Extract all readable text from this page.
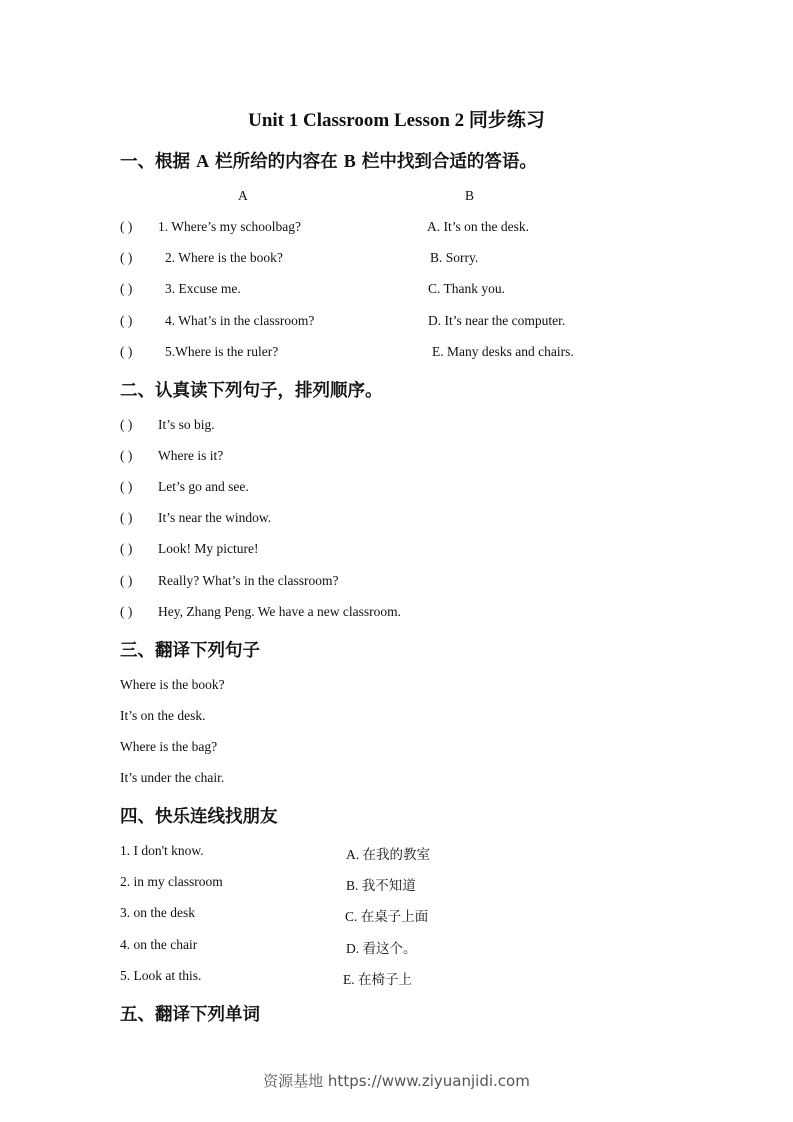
Unit 1 Classroom Lesson 2 同步练习
一、根据 A 栏所给的内容在 B 栏中找到合适的答语。
A	B
( ) 1. Where’s my schoolbag?
( ) 2. Where is the book?
( ) 3. Excuse me.
( ) 4. What’s in the classroom?
( ) 5.Where is the ruler?
A. It’s on the desk.
B. Sorry.
C. Thank you.
D. It’s near the computer.
E. Many desks and chairs.
二、认真读下列句子，排列顺序。
( ) It’s so big.
( ) Where is it?
( ) Let’s go and see.
( ) It’s near the window.
( ) Look! My picture!
( ) Really? What’s in the classroom?
( ) Hey, Zhang Peng. We have a new classroom.
三、翻译下列句子
Where is the book?
It’s on the desk.
Where is the bag?
It’s under the chair.
四、快乐连线找朋友
1. I don't know.
2. in my classroom
3. on the desk
4. on the chair
5. Look at this.
A. 在我的教室
B. 我不知道
C. 在桌子上面
D. 看这个。
E. 在椅子上
五、翻译下列单词
资源基地 https://www.ziyuanjidi.com
